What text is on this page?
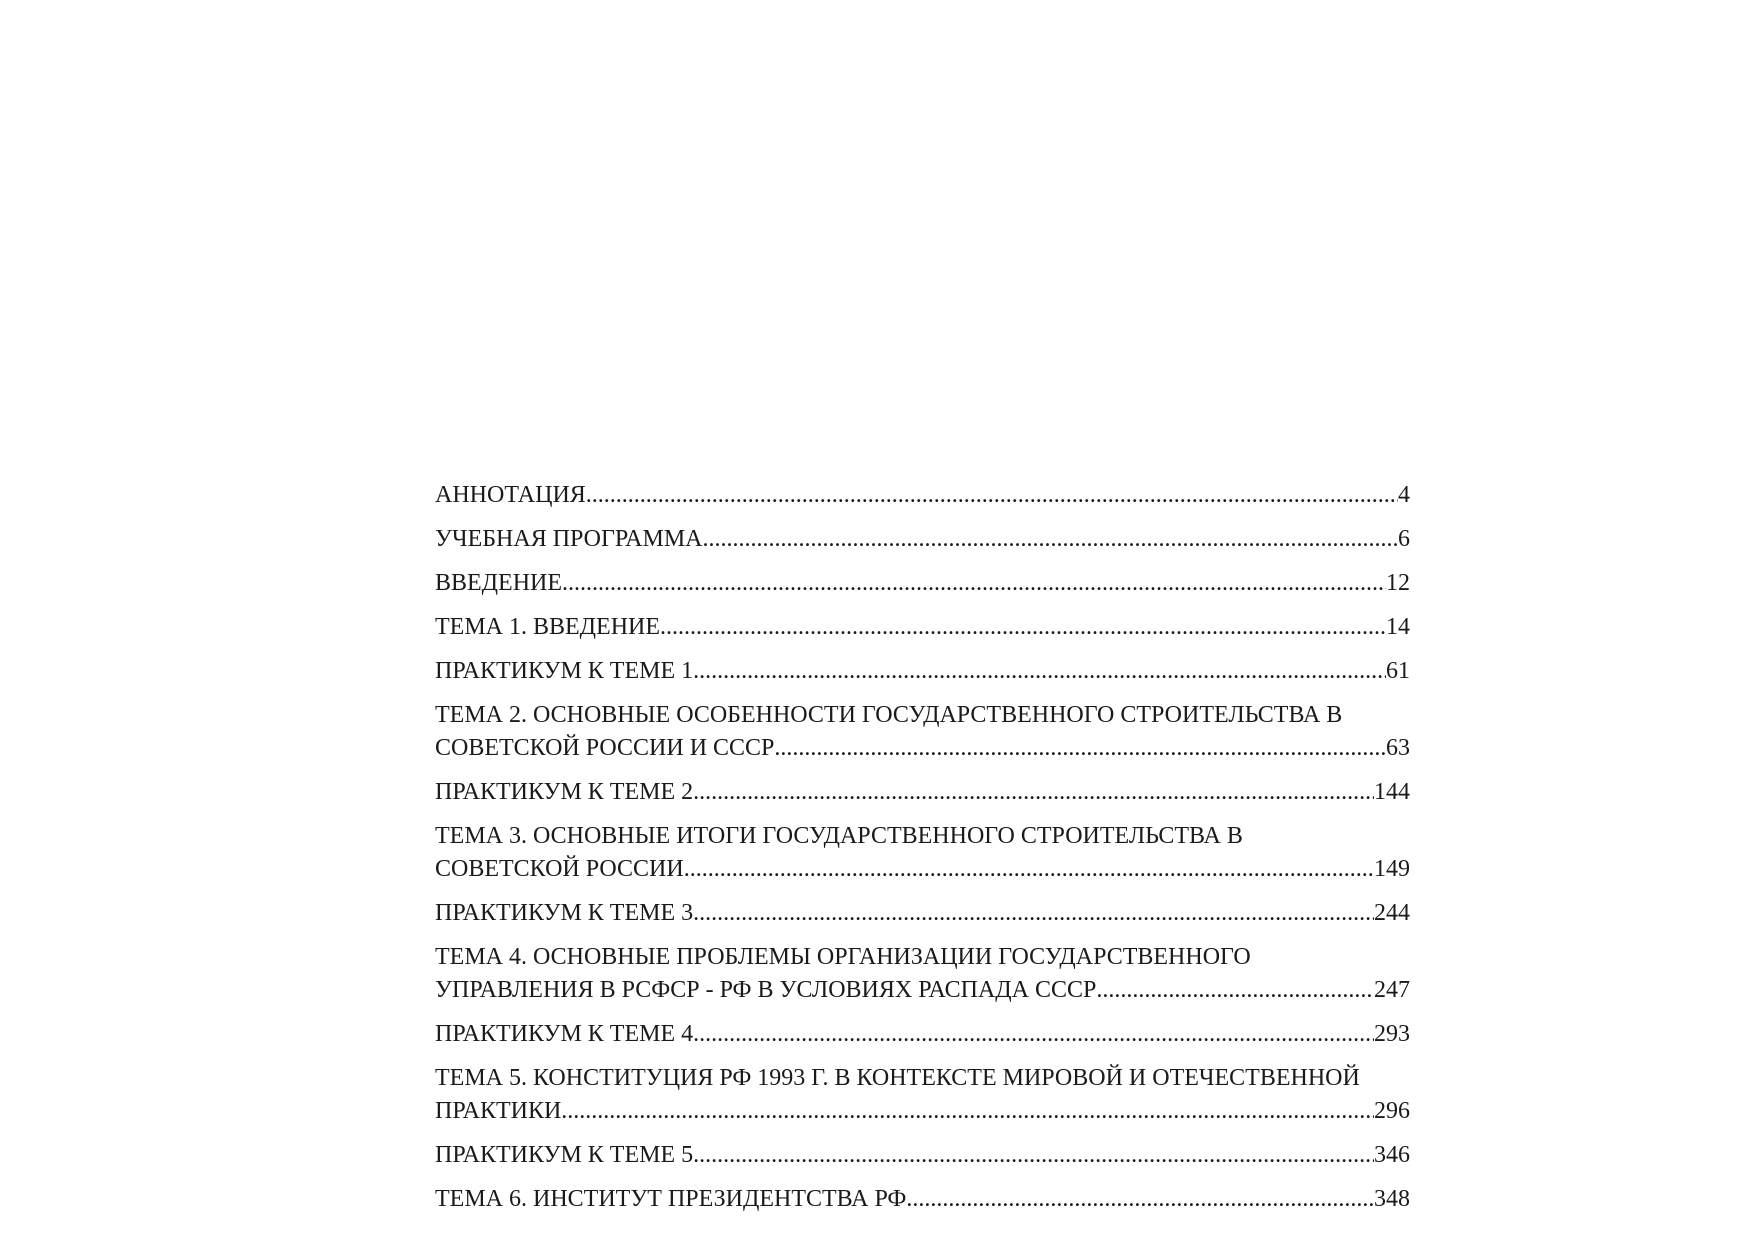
АННОТАЦИЯ .....	4
УЧЕБНАЯ ПРОГРАММА .....	6
ВВЕДЕНИЕ .....	12
ТЕМА 1. ВВЕДЕНИЕ .....	14
ПРАКТИКУМ К ТЕМЕ 1 .....	61
ТЕМА 2. ОСНОВНЫЕ ОСОБЕННОСТИ ГОСУДАРСТВЕННОГО СТРОИТЕЛЬСТВА В
СОВЕТСКОЙ РОССИИ И СССР .....	63
ПРАКТИКУМ К ТЕМЕ 2 .....	144
ТЕМА 3. ОСНОВНЫЕ ИТОГИ ГОСУДАРСТВЕННОГО СТРОИТЕЛЬСТВА В
СОВЕТСКОЙ РОССИИ .....	149
ПРАКТИКУМ К ТЕМЕ 3 .....	244
ТЕМА 4. ОСНОВНЫЕ ПРОБЛЕМЫ ОРГАНИЗАЦИИ ГОСУДАРСТВЕННОГО
УПРАВЛЕНИЯ В РСФСР - РФ В УСЛОВИЯХ РАСПАДА СССР .....	247
ПРАКТИКУМ К ТЕМЕ 4 .....	293
ТЕМА 5. КОНСТИТУЦИЯ РФ 1993 Г. В КОНТЕКСТЕ МИРОВОЙ И ОТЕЧЕСТВЕННОЙ
ПРАКТИКИ .....	296
ПРАКТИКУМ К ТЕМЕ 5 .....	346
ТЕМА 6. ИНСТИТУТ ПРЕЗИДЕНТСТВА РФ .....	348
